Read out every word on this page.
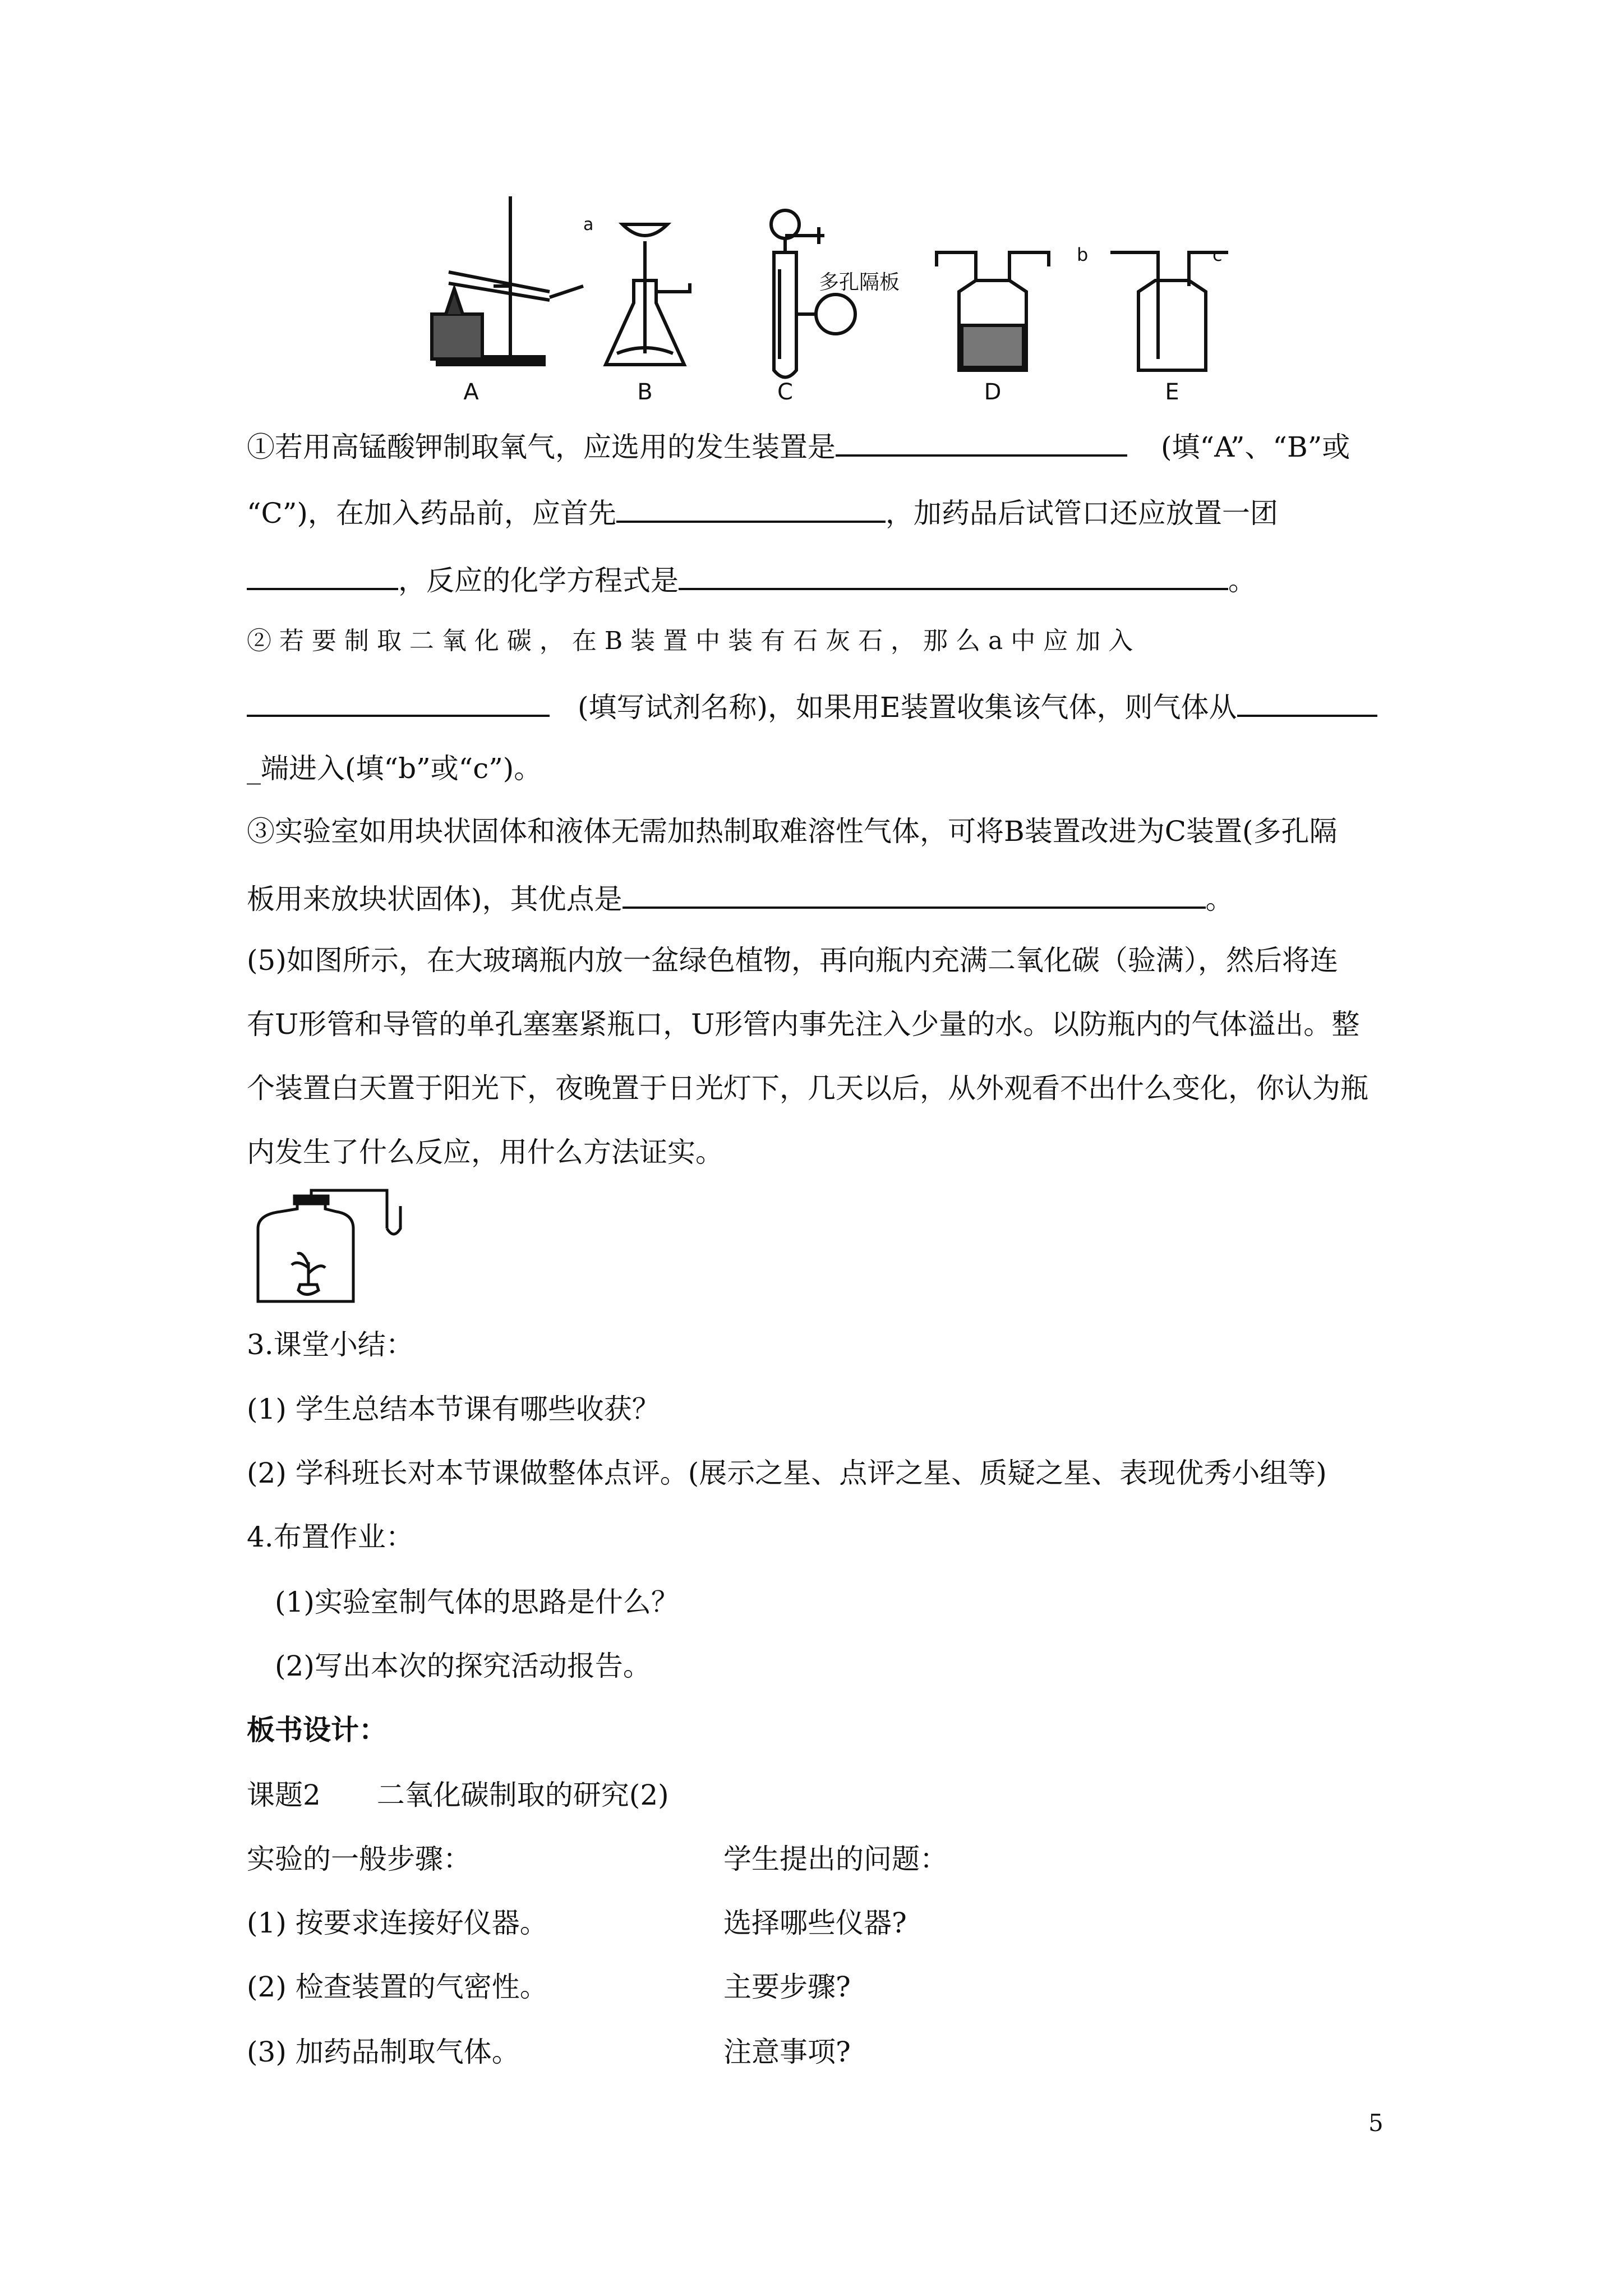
A	B	C	D	E
a
b	c
多孔隔板
①若用高锰酸钾制取氧气，应选用的发生装置是	(填“A”、“B”或
“C”)，在加入药品前，应首先	，加药品后试管口还应放置一团
，反应的化学方程式是	。
② 若 要 制 取 二 氧 化 碳 ， 在 B 装 置 中 装 有 石 灰 石 ， 那 么 a 中 应 加 入
(填写试剂名称)，如果用E装置收集该气体，则气体从
_端进入(填“b”或“c”)。
③实验室如用块状固体和液体无需加热制取难溶性气体，可将B装置改进为C装置(多孔隔
板用来放块状固体)，其优点是	。
(5)如图所示，在大玻璃瓶内放一盆绿色植物，再向瓶内充满二氧化碳（验满），然后将连
有U形管和导管的单孔塞塞紧瓶口，U形管内事先注入少量的水。以防瓶内的气体溢出。整
个装置白天置于阳光下，夜晚置于日光灯下，几天以后，从外观看不出什么变化，你认为瓶
内发生了什么反应，用什么方法证实。
3.课堂小结：
(1) 学生总结本节课有哪些收获？
(2) 学科班长对本节课做整体点评。(展示之星、点评之星、质疑之星、表现优秀小组等)
4.布置作业：
(1)实验室制气体的思路是什么？
(2)写出本次的探究活动报告。
板书设计：
课题2　　二氧化碳制取的研究(2)
实验的一般步骤：	学生提出的问题：
(1) 按要求连接好仪器。	选择哪些仪器?
(2) 检查装置的气密性。	主要步骤?
(3) 加药品制取气体。	注意事项?
5
